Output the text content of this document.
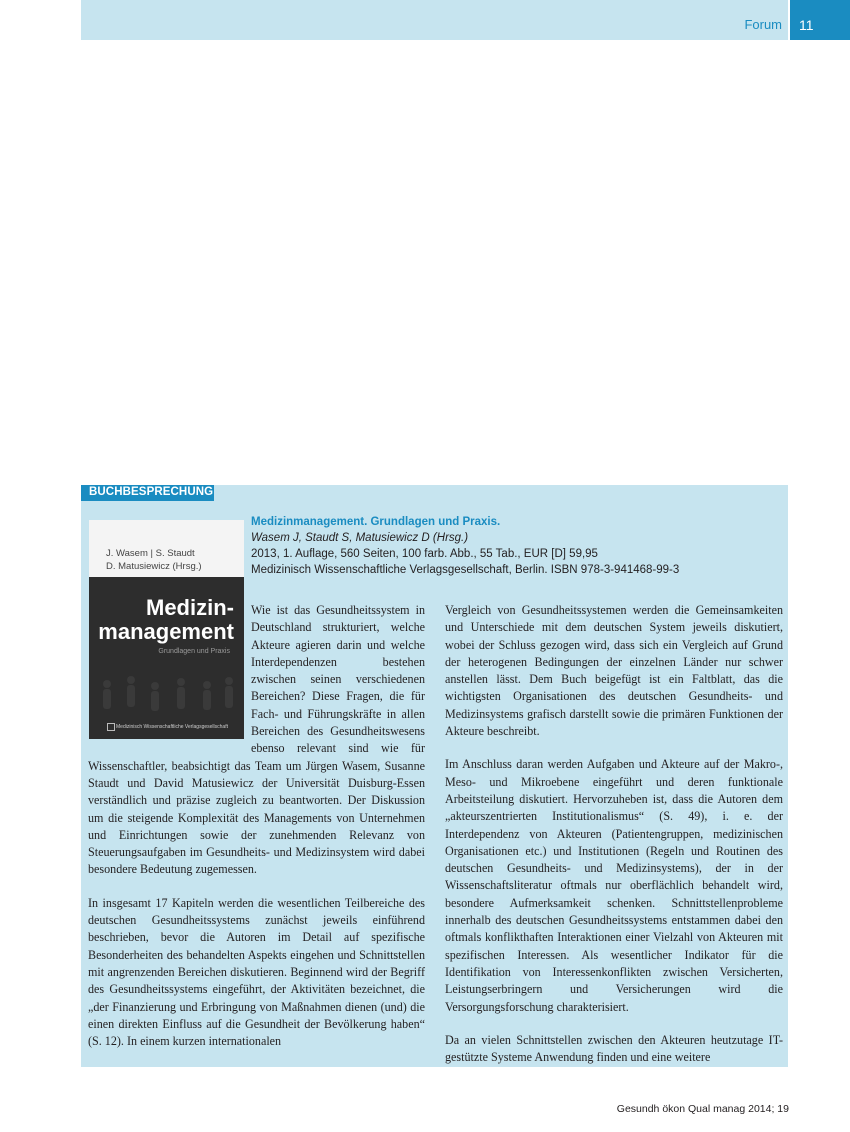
Forum	11
BUCHBESPRECHUNG
J. Wasem | S. Staudt
D. Matusiewicz (Hrsg.)
Medizin-
management
Grundlagen und Praxis
Medizinisch Wissenschaftliche Verlagsgesellschaft
Medizinmanagement. Grundlagen und Praxis.
Wasem J, Staudt S, Matusiewicz D (Hrsg.)
2013, 1. Auflage, 560 Seiten, 100 farb. Abb., 55 Tab., EUR [D] 59,95
Medizinisch Wissenschaftliche Verlagsgesellschaft, Berlin. ISBN 978-3-941468-99-3

Wie ist das Gesundheitssystem in Deutschland strukturiert, welche Akteure agieren darin und welche Interdependenzen bestehen zwischen seinen verschiedenen Bereichen? Diese Fragen, die für Fach- und Führungskräfte in allen Bereichen des Gesundheitswesens ebenso relevant sind wie für Wissenschaftler, beabsichtigt das Team um Jürgen Wasem, Susanne Staudt und David Matusiewicz der Universität Duisburg-Essen verständlich und präzise zugleich zu beantworten. Der Diskussion um die steigende Komplexität des Managements von Unternehmen und Einrichtungen sowie der zunehmenden Relevanz von Steuerungsaufgaben im Gesundheits- und Medizinsystem wird dabei besondere Bedeutung zugemessen.

In insgesamt 17 Kapiteln werden die wesentlichen Teilbereiche des deutschen Gesundheitssystems zunächst jeweils einführend beschrieben, bevor die Autoren im Detail auf spezifische Besonderheiten des behandelten Aspekts eingehen und Schnittstellen mit angrenzenden Bereichen diskutieren. Beginnend wird der Begriff des Gesundheitssystems eingeführt, der Aktivitäten bezeichnet, die „der Finanzierung und Erbringung von Maßnahmen dienen (und) die einen direkten Einfluss auf die Gesundheit der Bevölkerung haben“ (S. 12). In einem kurzen internationalen

Vergleich von Gesundheitssystemen werden die Gemeinsamkeiten und Unterschiede mit dem deutschen System jeweils diskutiert, wobei der Schluss gezogen wird, dass sich ein Vergleich auf Grund der heterogenen Bedingungen der einzelnen Länder nur schwer anstellen lässt. Dem Buch beigefügt ist ein Faltblatt, das die wichtigsten Organisationen des deutschen Gesundheits- und Medizinsystems grafisch darstellt sowie die primären Funktionen der Akteure beschreibt.

Im Anschluss daran werden Aufgaben und Akteure auf der Makro-, Meso- und Mikroebene eingeführt und deren funktionale Arbeitsteilung diskutiert. Hervorzuheben ist, dass die Autoren dem „akteurszentrierten Institutionalismus“ (S. 49), i. e. der Interdependenz von Akteuren (Patientengruppen, medizinischen Organisationen etc.) und Institutionen (Regeln und Routinen des deutschen Gesundheits- und Medizinsystems), der in der Wissenschaftsliteratur oftmals nur oberflächlich behandelt wird, besondere Aufmerksamkeit schenken. Schnittstellenprobleme innerhalb des deutschen Gesundheitssystems entstammen dabei den oftmals konflikthaften Interaktionen einer Vielzahl von Akteuren mit spezifischen Interessen. Als wesentlicher Indikator für die Identifikation von Interessenkonflikten zwischen Versicherten, Leistungserbringern und Versicherungen wird die Versorgungsforschung charakterisiert.

Da an vielen Schnittstellen zwischen den Akteuren heutzutage IT-gestützte Systeme Anwendung finden und eine weitere

Gesundh ökon Qual manag 2014; 19
